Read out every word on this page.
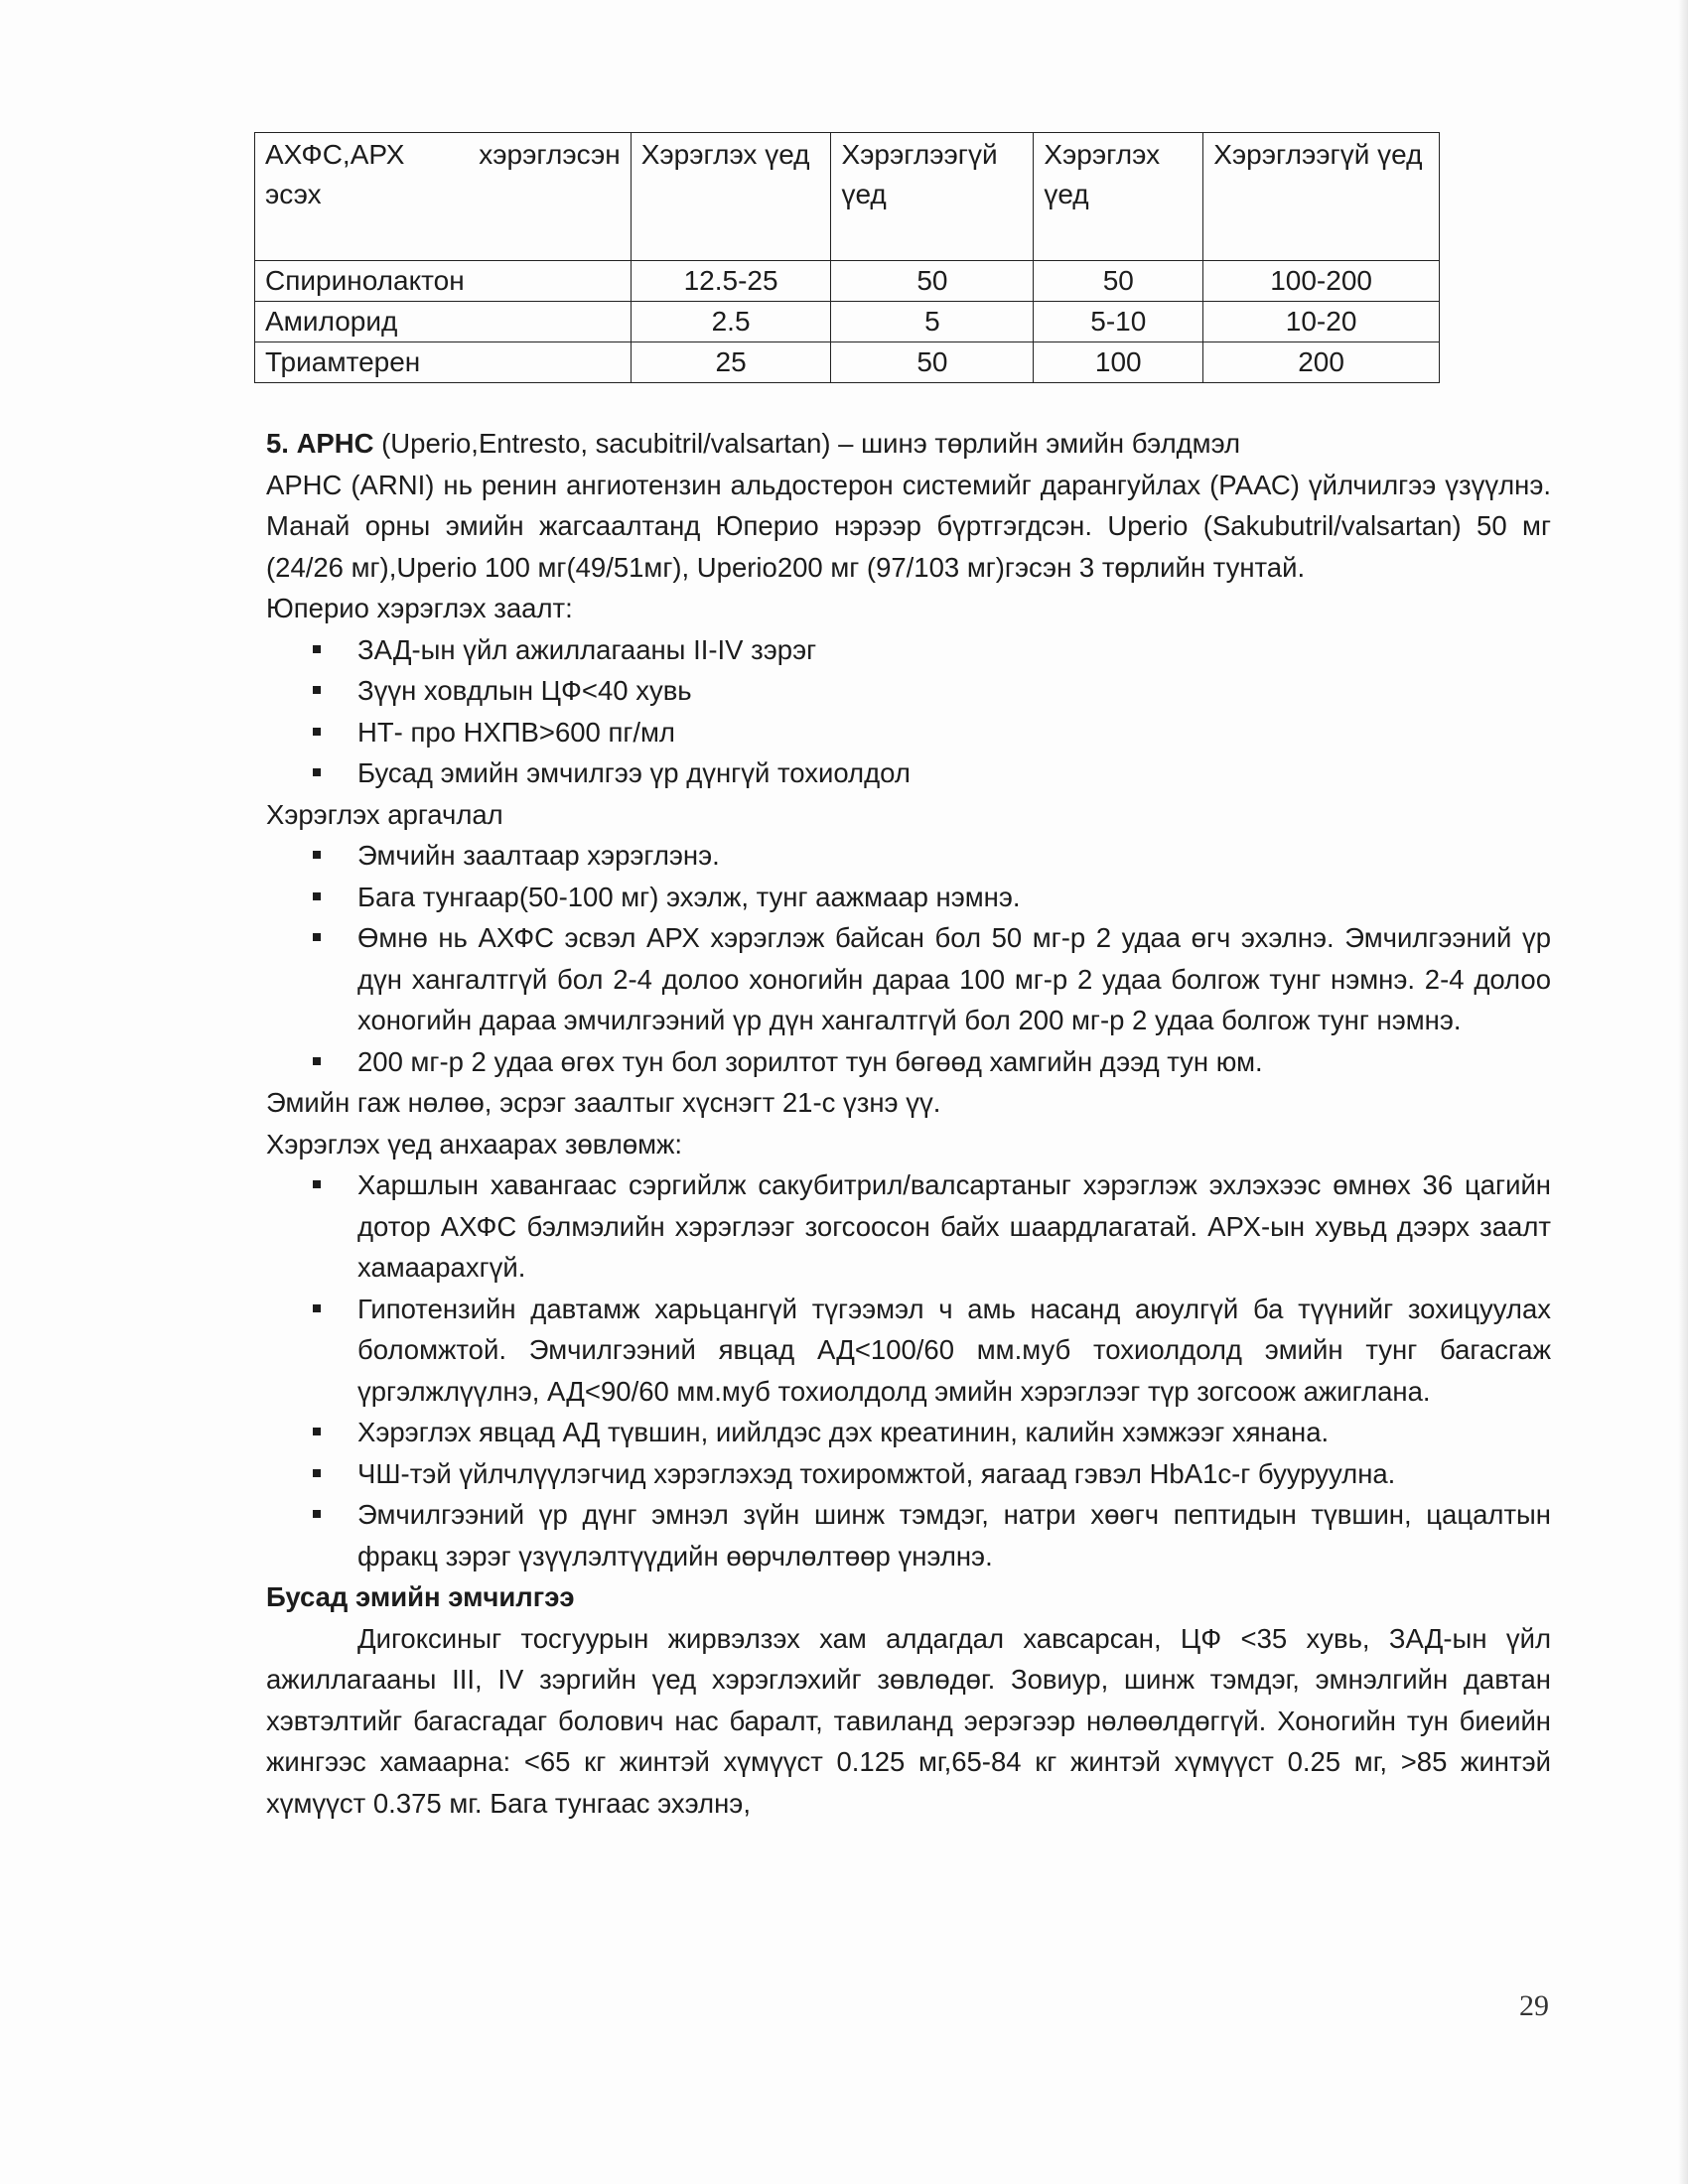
АХФС,АРХ хэрэглэсэн
эсэх	Хэрэглэх үед	Хэрэглээгүй үед	Хэрэглэх үед	Хэрэглээгүй үед
Спиринолактон	12.5-25	50	50	100-200
Амилорид	2.5	5	5-10	10-20
Триамтерен	25	50	100	200

5. АРНС (Uperio,Entresto, sacubitril/valsartan) – шинэ төрлийн эмийн бэлдмэл

АРНС (ARNI) нь ренин ангиотензин альдостерон системийг дарангуйлах (РААС) үйлчилгээ үзүүлнэ. Манай орны эмийн жагсаалтанд Юперио нэрээр бүртгэгдсэн. Uperio (Sakubutril/valsartan) 50 мг (24/26 мг),Uperio 100 мг(49/51мг), Uperio200 мг (97/103 мг)гэсэн 3 төрлийн тунтай.

Юперио хэрэглэх заалт:

ЗАД-ын үйл ажиллагааны II-IV зэрэг
Зүүн ховдлын ЦФ<40 хувь
НТ- про НХПВ>600 пг/мл
Бусад эмийн эмчилгээ үр дүнгүй тохиолдол

Хэрэглэх аргачлал

Эмчийн заалтаар хэрэглэнэ.
Бага тунгаар(50-100 мг) эхэлж, тунг аажмаар нэмнэ.
Өмнө нь АХФС эсвэл АРХ хэрэглэж байсан бол 50 мг-р 2 удаа өгч эхэлнэ. Эмчилгээний үр дүн хангалтгүй бол 2-4 долоо хоногийн дараа 100 мг-р 2 удаа болгож тунг нэмнэ. 2-4 долоо хоногийн дараа эмчилгээний үр дүн хангалтгүй бол 200 мг-р 2 удаа болгож тунг нэмнэ.
200 мг-р 2 удаа өгөх тун бол зорилтот тун бөгөөд хамгийн дээд тун юм.

Эмийн гаж нөлөө, эсрэг заалтыг хүснэгт 21-с үзнэ үү.

Хэрэглэх үед анхаарах зөвлөмж:

Харшлын хавангаас сэргийлж сакубитрил/валсартаныг хэрэглэж эхлэхээс өмнөх 36 цагийн дотор АХФС бэлмэлийн хэрэглээг зогсоосон байх шаардлагатай. АРХ-ын хувьд дээрх заалт хамаарахгүй.
Гипотензийн давтамж харьцангүй түгээмэл ч амь насанд аюулгүй ба түүнийг зохицуулах боломжтой. Эмчилгээний явцад АД<100/60 мм.муб тохиолдолд эмийн тунг багасгаж үргэлжлүүлнэ, АД<90/60 мм.муб тохиолдолд эмийн хэрэглээг түр зогсоож ажиглана.
Хэрэглэх явцад АД түвшин, иийлдэс дэх креатинин, калийн хэмжээг хянана.
ЧШ-тэй үйлчлүүлэгчид хэрэглэхэд тохиромжтой, яагаад гэвэл HbA1c-г бууруулна.
Эмчилгээний үр дүнг эмнэл зүйн шинж тэмдэг, натри хөөгч пептидын түвшин, цацалтын фракц зэрэг үзүүлэлтүүдийн өөрчлөлтөөр үнэлнэ.

Бусад эмийн эмчилгээ

Дигоксиныг тосгуурын жирвэлзэх хам алдагдал хавсарсан, ЦФ <35 хувь, ЗАД-ын үйл ажиллагааны III, IV зэргийн үед хэрэглэхийг зөвлөдөг. Зовиур, шинж тэмдэг, эмнэлгийн давтан хэвтэлтийг багасгадаг болович нас баралт, тавиланд эерэгээр нөлөөлдөггүй. Хоногийн тун биеийн жингээс хамаарна: <65 кг жинтэй хүмүүст 0.125 мг,65-84 кг жинтэй хүмүүст 0.25 мг, >85 жинтэй хүмүүст 0.375 мг. Бага тунгаас эхэлнэ,

29
